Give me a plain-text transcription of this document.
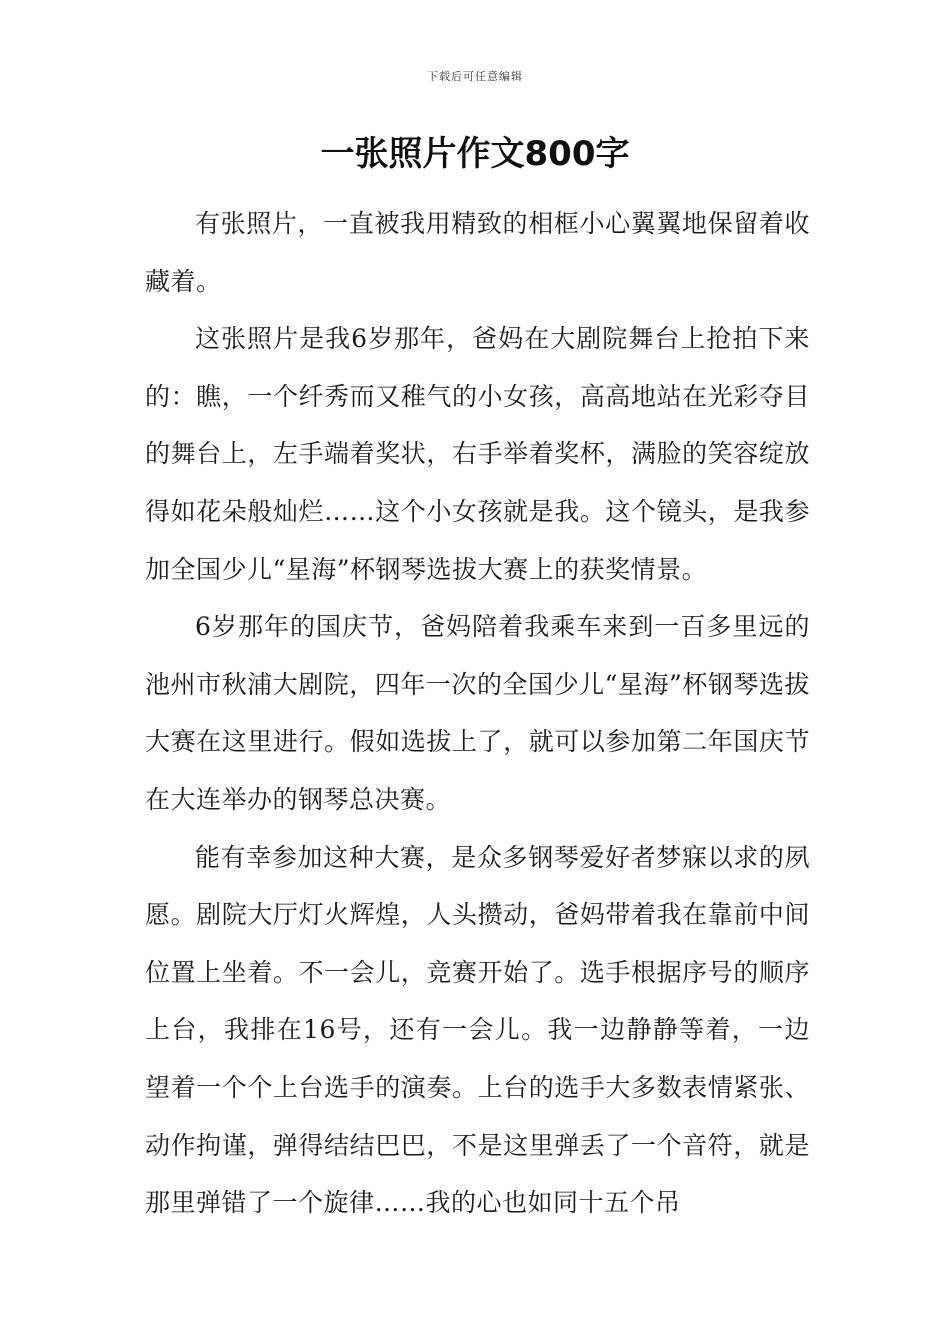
下载后可任意编辑
一张照片作文800字

有张照片，一直被我用精致的相框小心翼翼地保留着收藏着。

这张照片是我6岁那年，爸妈在大剧院舞台上抢拍下来的：瞧，一个纤秀而又稚气的小女孩，高高地站在光彩夺目的舞台上，左手端着奖状，右手举着奖杯，满脸的笑容绽放得如花朵般灿烂……这个小女孩就是我。这个镜头，是我参加全国少儿“星海”杯钢琴选拔大赛上的获奖情景。

6岁那年的国庆节，爸妈陪着我乘车来到一百多里远的池州市秋浦大剧院，四年一次的全国少儿“星海”杯钢琴选拔大赛在这里进行。假如选拔上了，就可以参加第二年国庆节在大连举办的钢琴总决赛。

能有幸参加这种大赛，是众多钢琴爱好者梦寐以求的夙愿。剧院大厅灯火辉煌，人头攒动，爸妈带着我在靠前中间位置上坐着。不一会儿，竞赛开始了。选手根据序号的顺序上台，我排在16号，还有一会儿。我一边静静等着，一边望着一个个上台选手的演奏。上台的选手大多数表情紧张、动作拘谨，弹得结结巴巴，不是这里弹丢了一个音符，就是那里弹错了一个旋律……我的心也如同十五个吊
